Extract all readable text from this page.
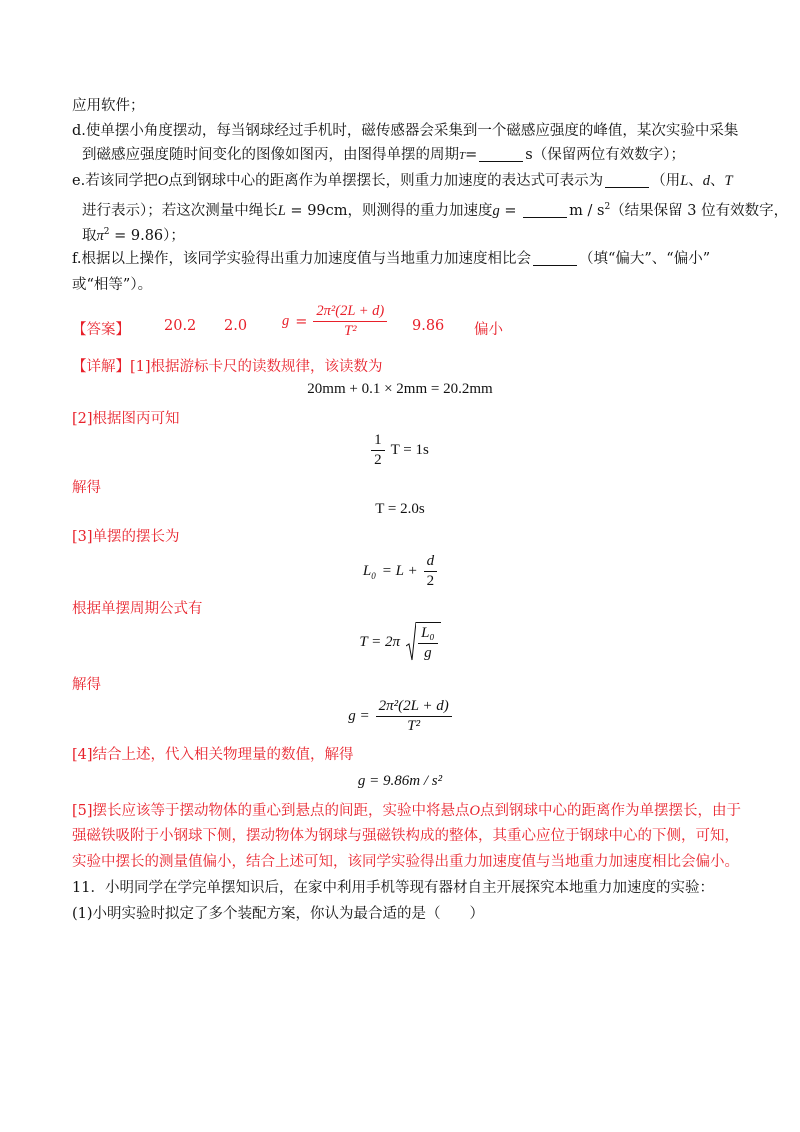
应用软件；
d.使单摆小角度摆动，每当钢球经过手机时，磁传感器会采集到一个磁感应强度的峰值，某次实验中采集
到磁感应强度随时间变化的图像如图丙，由图得单摆的周期T=	s（保留两位有效数字）；
e.若该同学把O点到钢球中心的距离作为单摆摆长，则重力加速度的表达式可表示为	（用L、d、T
进行表示）；若这次测量中绳长L = 99cm，则测得的重力加速度g =	m / $s^2$（结果保留 3 位有效数字，
取$\pi^2 = 9.86$）；
f.根据以上操作，该同学实验得出重力加速度值与当地重力加速度相比会	（填“偏大”、“偏小”
或“相等”）。
【答案】 20.2 2.0 $g = \frac{\text{2π²(2L + d)}}{\text{T²}} 9.86$ 偏小
【详解】[1]根据游标卡尺的读数规律，该读数为
20mm + 0.1 × 2mm = 20.2mm
[2]根据图丙可知
$\frac{1}{2}$ T = 1s
解得
T = 2.0s
[3]单摆的摆长为
$L_0 = L + \frac{d}{2}$
根据单摆周期公式有
$T = 2\pi \frac{\text{L₀}}{g}$
解得
$g = \frac{\text{2π²(2L + d)}}{\text{T²}}$
[4]结合上述，代入相关物理量的数值，解得
g = 9.86m / s²
[5]摆长应该等于摆动物体的重心到悬点的间距，实验中将悬点O点到钢球中心的距离作为单摆摆长，由于
强磁铁吸附于小钢球下侧，摆动物体为钢球与强磁铁构成的整体，其重心应位于钢球中心的下侧，可知，
实验中摆长的测量值偏小，结合上述可知，该同学实验得出重力加速度值与当地重力加速度相比会偏小。
11．小明同学在学完单摆知识后，在家中利用手机等现有器材自主开展探究本地重力加速度的实验：
(1)小明实验时拟定了多个装配方案，你认为最合适的是（　　）
